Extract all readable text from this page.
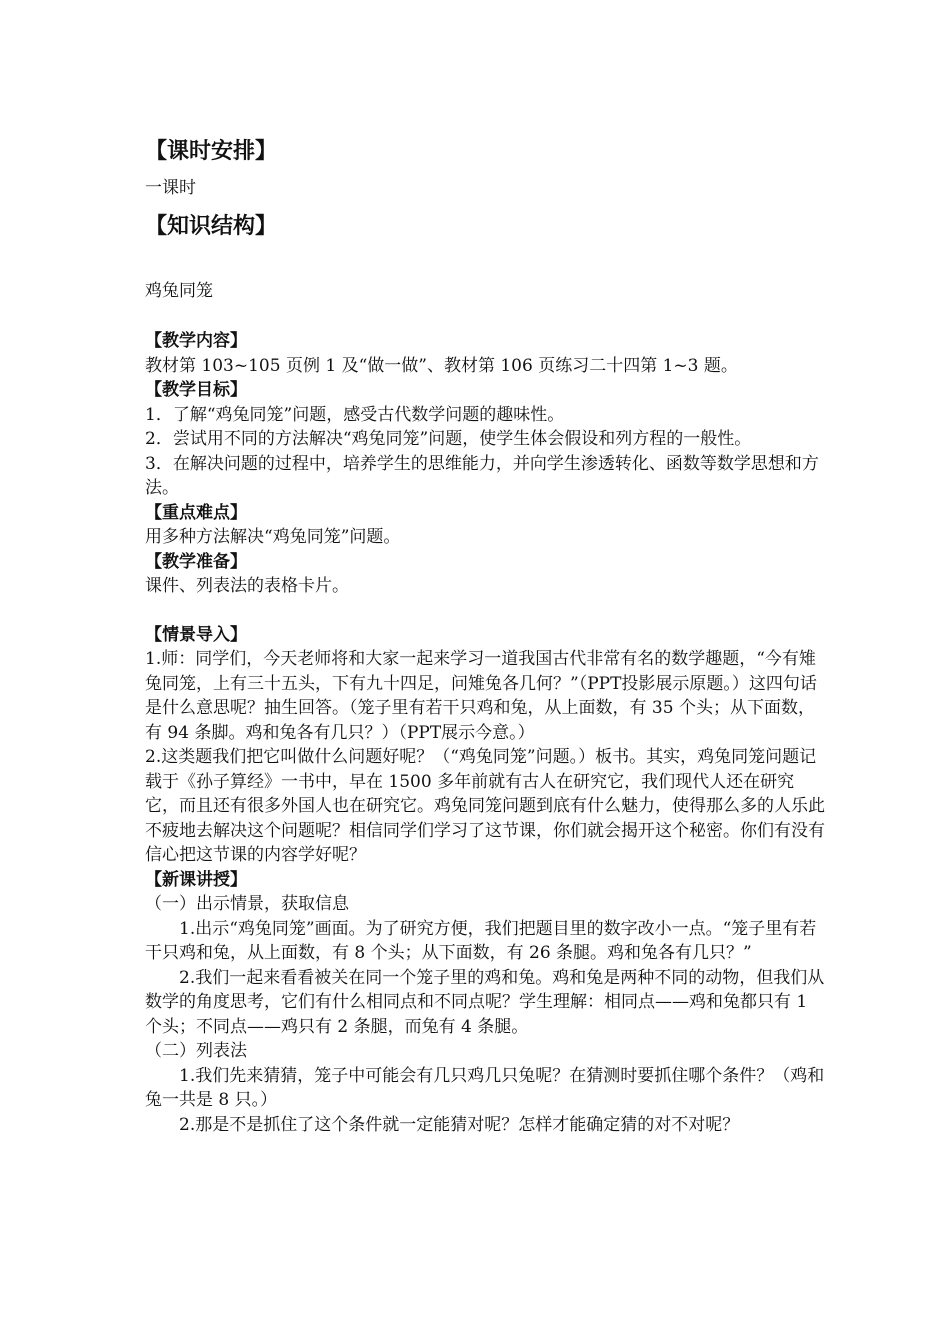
【课时安排】

一课时

【知识结构】

鸡兔同笼

【教学内容】

教材第 103~105 页例 1 及“做一做”、教材第 106 页练习二十四第 1~3 题。

【教学目标】

1．了解“鸡兔同笼”问题，感受古代数学问题的趣味性。

2．尝试用不同的方法解决“鸡兔同笼”问题，使学生体会假设和列方程的一般性。

3．在解决问题的过程中，培养学生的思维能力，并向学生渗透转化、函数等数学思想和方法。

【重点难点】

用多种方法解决“鸡兔同笼”问题。

【教学准备】

课件、列表法的表格卡片。

【情景导入】

1.师：同学们，今天老师将和大家一起来学习一道我国古代非常有名的数学趣题，“今有雉兔同笼，上有三十五头，下有九十四足，问雉兔各几何？”（PPT投影展示原题。）这四句话是什么意思呢？抽生回答。（笼子里有若干只鸡和兔，从上面数，有 35 个头；从下面数，有 94 条脚。鸡和兔各有几只？）（PPT展示今意。）

2.这类题我们把它叫做什么问题好呢？（“鸡兔同笼”问题。）板书。其实，鸡兔同笼问题记载于《孙子算经》一书中，早在 1500 多年前就有古人在研究它，我们现代人还在研究它，而且还有很多外国人也在研究它。鸡兔同笼问题到底有什么魅力，使得那么多的人乐此不疲地去解决这个问题呢？相信同学们学习了这节课，你们就会揭开这个秘密。你们有没有信心把这节课的内容学好呢？

【新课讲授】

（一）出示情景，获取信息

1.出示“鸡兔同笼”画面。为了研究方便，我们把题目里的数字改小一点。“笼子里有若干只鸡和兔，从上面数，有 8 个头；从下面数，有 26 条腿。鸡和兔各有几只？”

2.我们一起来看看被关在同一个笼子里的鸡和兔。鸡和兔是两种不同的动物，但我们从数学的角度思考，它们有什么相同点和不同点呢？学生理解：相同点——鸡和兔都只有 1 个头；不同点——鸡只有 2 条腿，而兔有 4 条腿。

（二）列表法

1.我们先来猜猜，笼子中可能会有几只鸡几只兔呢？在猜测时要抓住哪个条件？（鸡和兔一共是 8 只。）

2.那是不是抓住了这个条件就一定能猜对呢？怎样才能确定猜的对不对呢？
